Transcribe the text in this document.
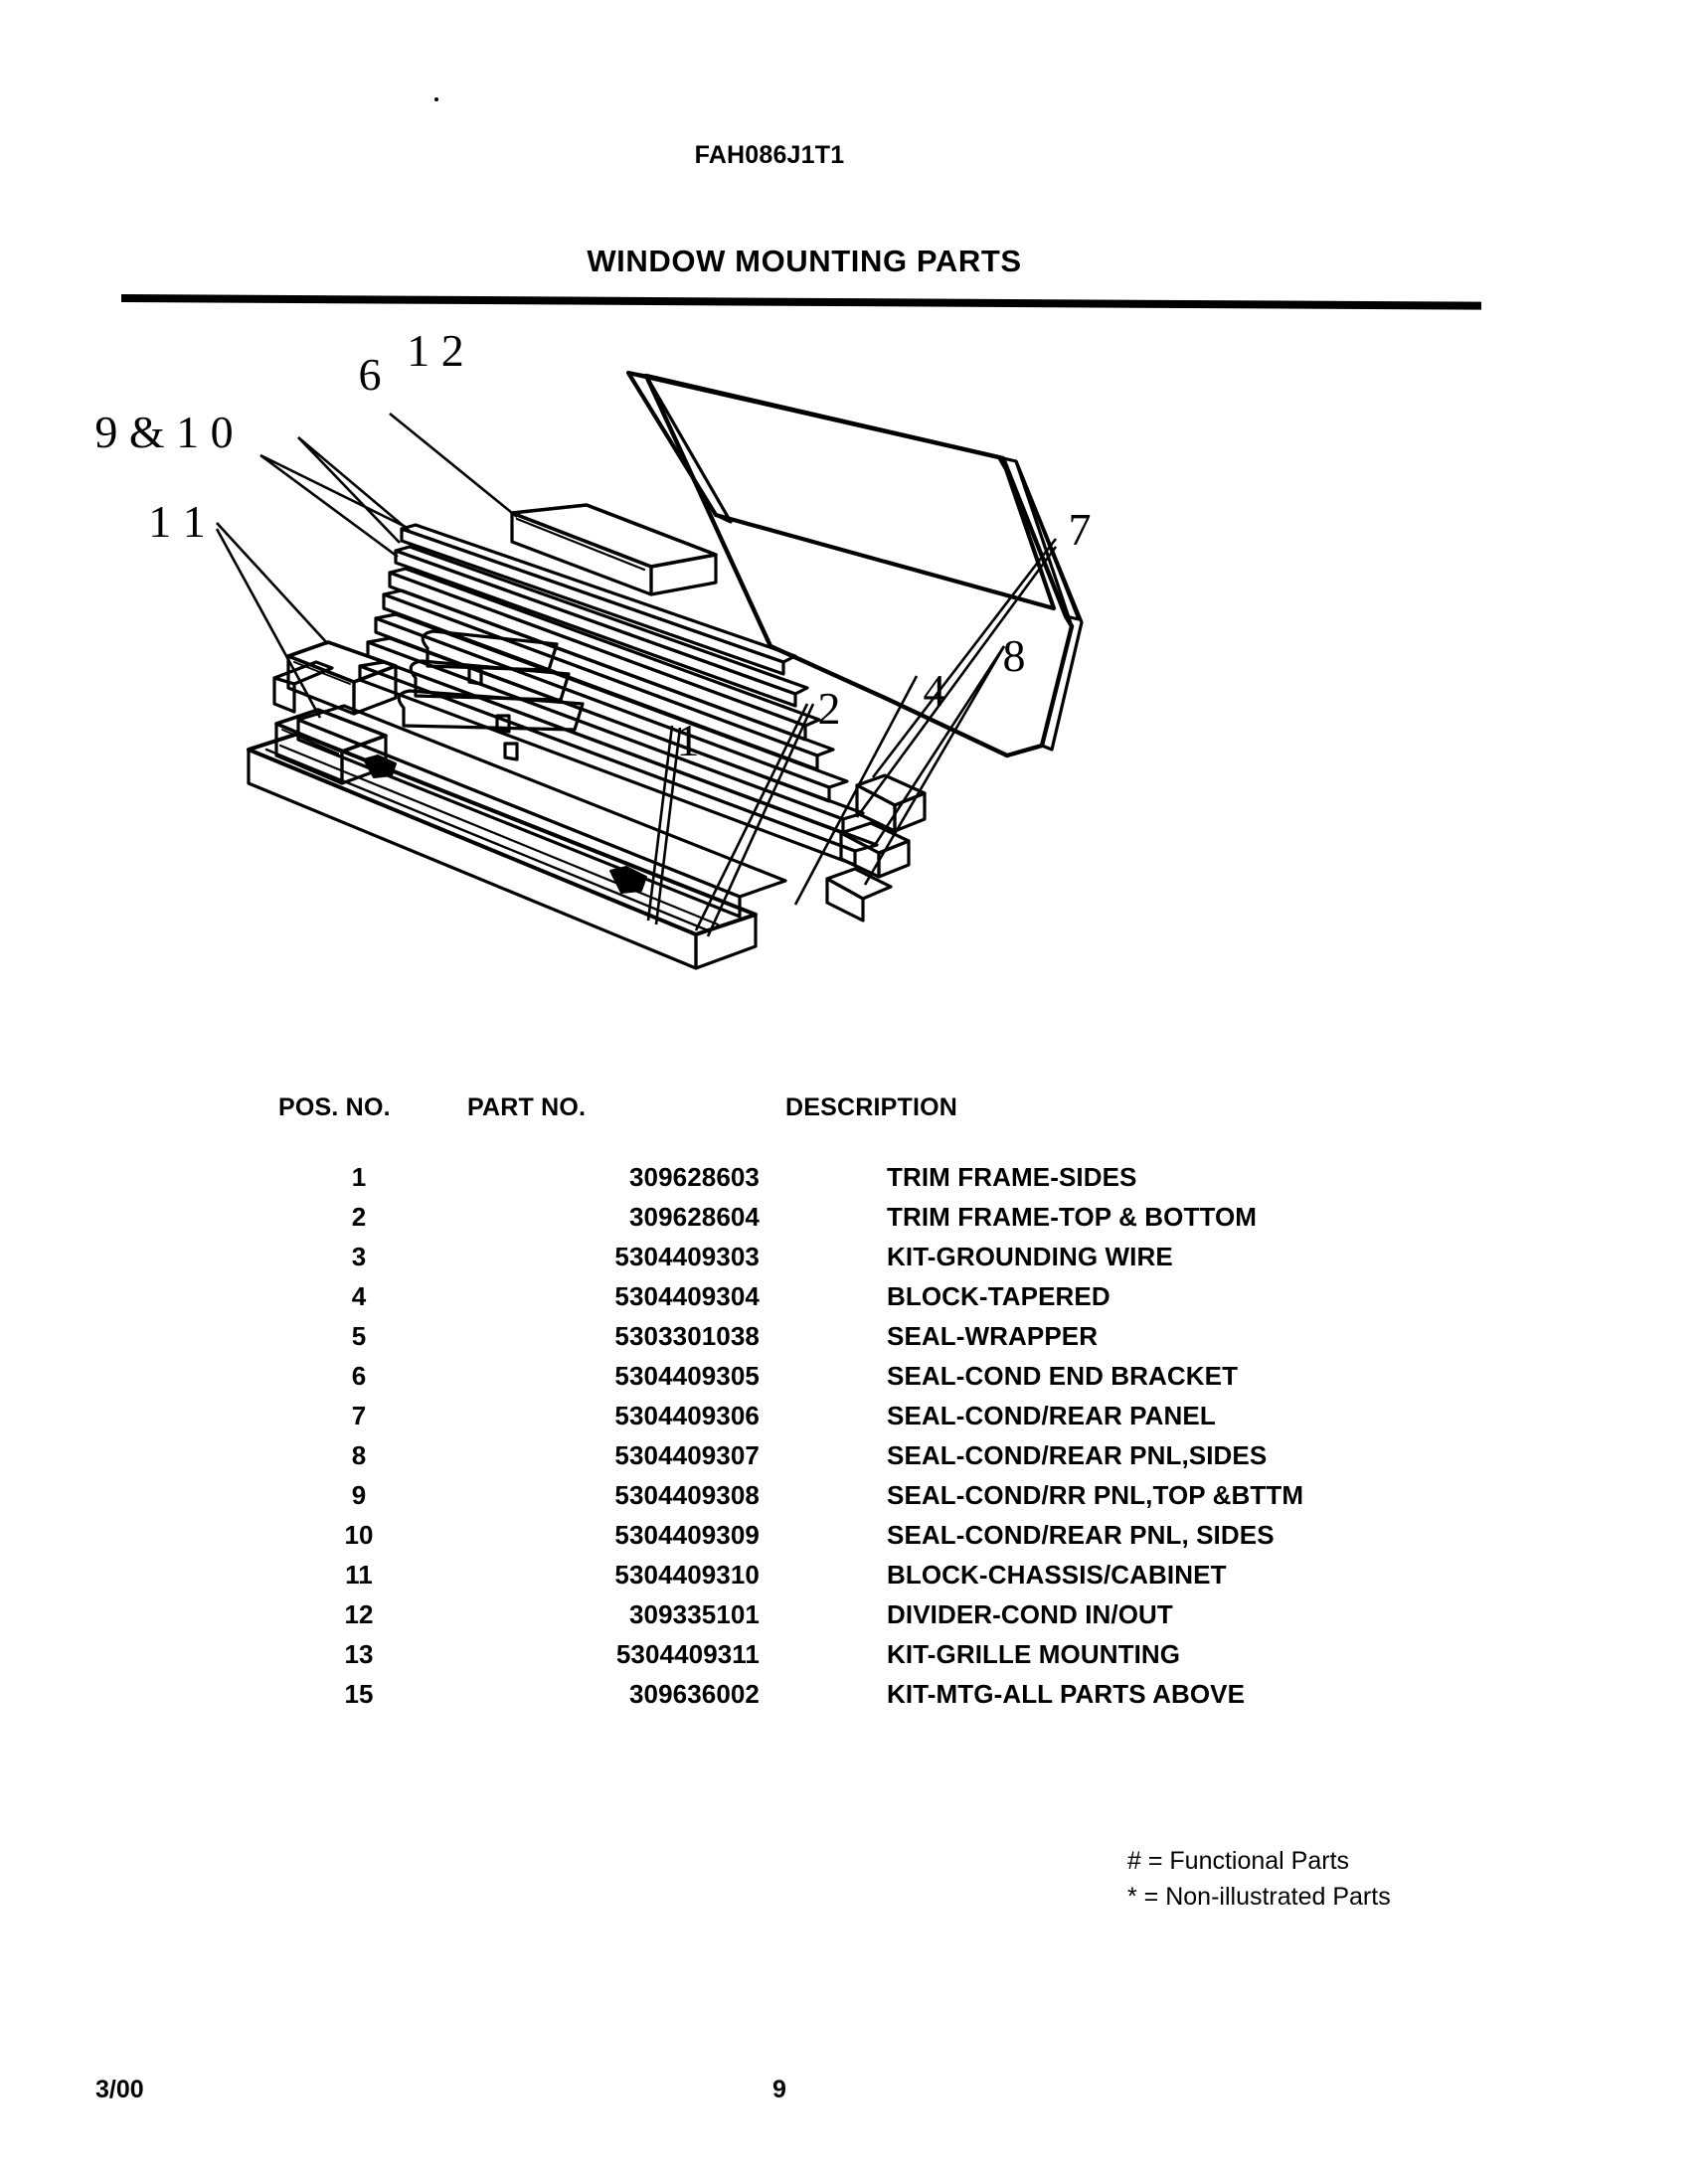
FAH086J1T1
WINDOW MOUNTING PARTS
1 2
6
9 & 1 0
1 1	7
8
4
2
1
POS. NO.	PART NO.	DESCRIPTION
1	309628603	TRIM FRAME-SIDES
2	309628604	TRIM FRAME-TOP & BOTTOM
3	5304409303	KIT-GROUNDING WIRE
4	5304409304	BLOCK-TAPERED
5	5303301038	SEAL-WRAPPER
6	5304409305	SEAL-COND END BRACKET
7	5304409306	SEAL-COND/REAR PANEL
8	5304409307	SEAL-COND/REAR PNL,SIDES
9	5304409308	SEAL-COND/RR PNL,TOP &BTTM
10	5304409309	SEAL-COND/REAR PNL, SIDES
11	5304409310	BLOCK-CHASSIS/CABINET
12	309335101	DIVIDER-COND IN/OUT
13	5304409311	KIT-GRILLE MOUNTING
15	309636002	KIT-MTG-ALL PARTS ABOVE
# = Functional Parts
* = Non-illustrated Parts
3/00	9
